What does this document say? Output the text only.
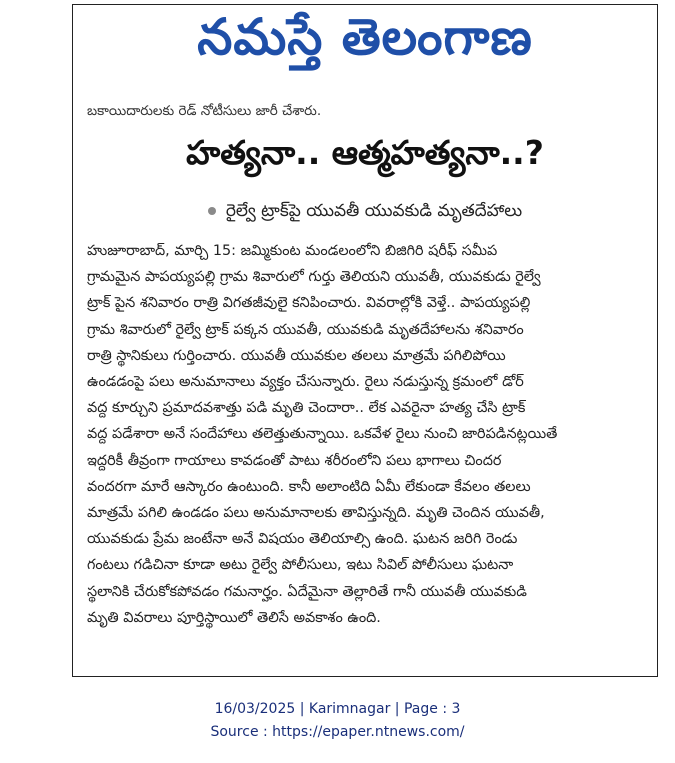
నమస్తే తెలంగాణ
బకాయిదారులకు రెడ్ నోటీసులు జారీ చేశారు.
హత్యనా.. ఆత్మహత్యనా..?
రైల్వే ట్రాక్‌పై యువతీ యువకుడి మృతదేహాలు
హుజూరాబాద్, మార్చి 15: జమ్మికుంట మండలంలోని బిజిగిరి షరీఫ్ సమీప
గ్రామమైన పాపయ్యపల్లి గ్రామ శివారులో గుర్తు తెలియని యువతీ, యువకుడు రైల్వే
ట్రాక్ పైన శనివారం రాత్రి విగతజీవులై కనిపించారు. వివరాల్లోకి వెళ్తే.. పాపయ్యపల్లి
గ్రామ శివారులో రైల్వే ట్రాక్ పక్కన యువతీ, యువకుడి మృతదేహాలను శనివారం
రాత్రి స్థానికులు గుర్తించారు. యువతీ యువకుల తలలు మాత్రమే పగిలిపోయి
ఉండడంపై పలు అనుమానాలు వ్యక్తం చేసున్నారు. రైలు నడుస్తున్న క్రమంలో డోర్
వద్ద కూర్చుని ప్రమాదవశాత్తు పడి మృతి చెందారా.. లేక ఎవరైనా హత్య చేసి ట్రాక్
వద్ద పడేశారా అనే సందేహాలు తలెత్తుతున్నాయి. ఒకవేళ రైలు నుంచి జారిపడినట్లయితే
ఇద్దరికీ తీవ్రంగా గాయాలు కావడంతో పాటు శరీరంలోని పలు భాగాలు చిందర
వందరగా మారే ఆస్కారం ఉంటుంది. కానీ అలాంటిది ఏమీ లేకుండా కేవలం తలలు
మాత్రమే పగిలి ఉండడం పలు అనుమానాలకు తావిస్తున్నది. మృతి చెందిన యువతీ,
యువకుడు ప్రేమ జంటేనా అనే విషయం తెలియాల్సి ఉంది. ఘటన జరిగి రెండు
గంటలు గడిచినా కూడా అటు రైల్వే పోలీసులు, ఇటు సివిల్ పోలీసులు ఘటనా
స్థలానికి చేరుకోకపోవడం గమనార్హం. ఏదేమైనా తెల్లారితే గానీ యువతీ యువకుడి
మృతి వివరాలు పూర్తిస్థాయిలో తెలిసే అవకాశం ఉంది.
16/03/2025 | Karimnagar | Page : 3
Source : https://epaper.ntnews.com/
